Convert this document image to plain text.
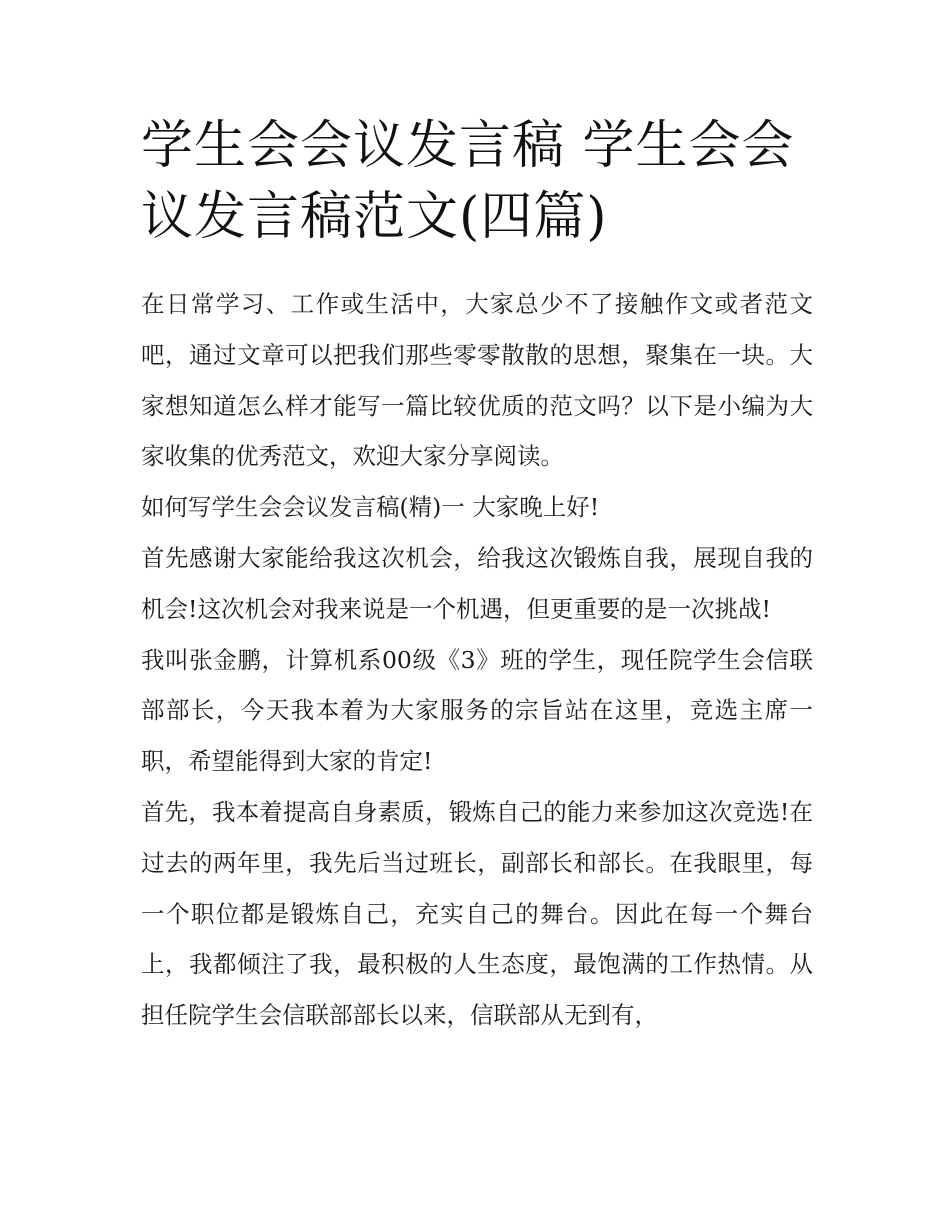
学生会会议发言稿 学生会会议发言稿范文(四篇)

在日常学习、工作或生活中，大家总少不了接触作文或者范文吧，通过文章可以把我们那些零零散散的思想，聚集在一块。大家想知道怎么样才能写一篇比较优质的范文吗？以下是小编为大家收集的优秀范文，欢迎大家分享阅读。

如何写学生会会议发言稿(精)一 大家晚上好!

首先感谢大家能给我这次机会，给我这次锻炼自我，展现自我的机会!这次机会对我来说是一个机遇，但更重要的是一次挑战!

我叫张金鹏，计算机系00级《3》班的学生，现任院学生会信联部部长，今天我本着为大家服务的宗旨站在这里，竞选主席一职，希望能得到大家的肯定!

首先，我本着提高自身素质，锻炼自己的能力来参加这次竞选!在过去的两年里，我先后当过班长，副部长和部长。在我眼里，每一个职位都是锻炼自己，充实自己的舞台。因此在每一个舞台上，我都倾注了我，最积极的人生态度，最饱满的工作热情。从担任院学生会信联部部长以来，信联部从无到有，
